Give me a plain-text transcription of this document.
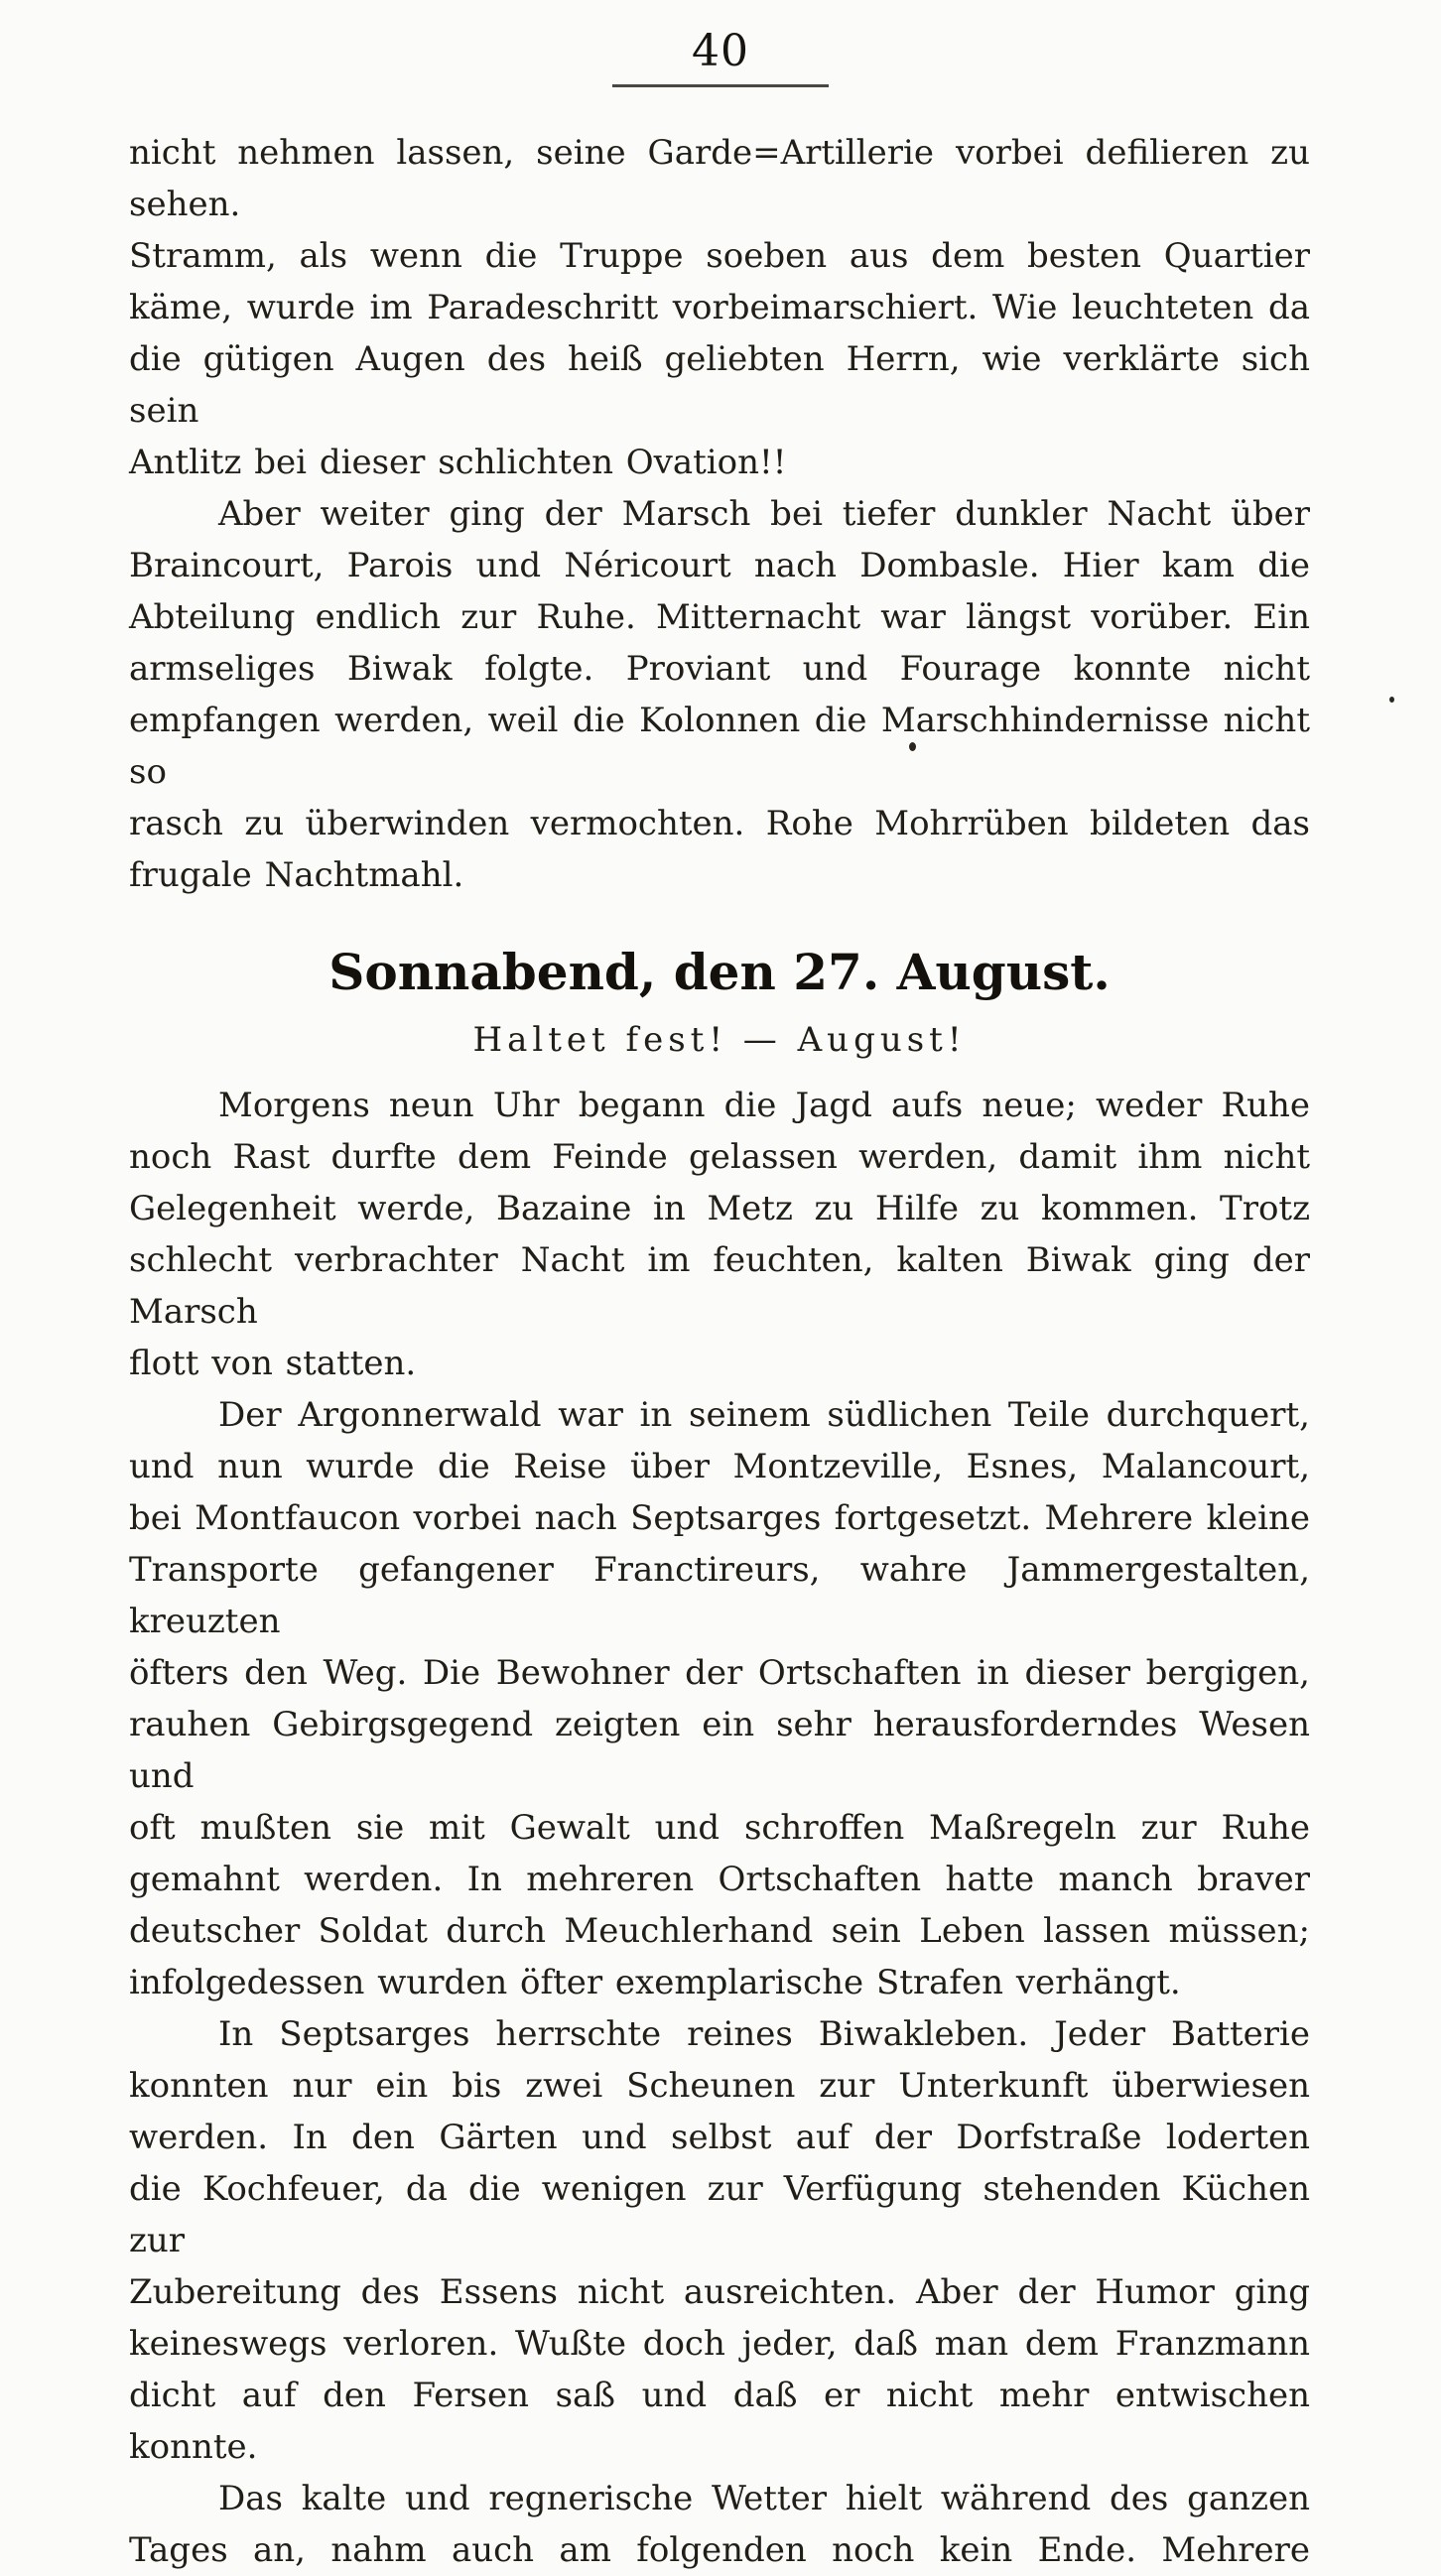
40
nicht nehmen lassen, seine Garde=Artillerie vorbei defilieren zu sehen.
Stramm, als wenn die Truppe soeben aus dem besten Quartier
käme, wurde im Paradeschritt vorbeimarschiert. Wie leuchteten da
die gütigen Augen des heiß geliebten Herrn, wie verklärte sich sein
Antlitz bei dieser schlichten Ovation!!
Aber weiter ging der Marsch bei tiefer dunkler Nacht über
Braincourt, Parois und Néricourt nach Dombasle. Hier kam die
Abteilung endlich zur Ruhe. Mitternacht war längst vorüber. Ein
armseliges Biwak folgte. Proviant und Fourage konnte nicht
empfangen werden, weil die Kolonnen die Marschhindernisse nicht so
rasch zu überwinden vermochten. Rohe Mohrrüben bildeten das
frugale Nachtmahl.
Sonnabend, den 27. August.
Haltet fest! — August!
Morgens neun Uhr begann die Jagd aufs neue; weder Ruhe
noch Rast durfte dem Feinde gelassen werden, damit ihm nicht
Gelegenheit werde, Bazaine in Metz zu Hilfe zu kommen. Trotz
schlecht verbrachter Nacht im feuchten, kalten Biwak ging der Marsch
flott von statten.
Der Argonnerwald war in seinem südlichen Teile durchquert,
und nun wurde die Reise über Montzeville, Esnes, Malancourt,
bei Montfaucon vorbei nach Septsarges fortgesetzt. Mehrere kleine
Transporte gefangener Franctireurs, wahre Jammergestalten, kreuzten
öfters den Weg. Die Bewohner der Ortschaften in dieser bergigen,
rauhen Gebirgsgegend zeigten ein sehr herausforderndes Wesen und
oft mußten sie mit Gewalt und schroffen Maßregeln zur Ruhe
gemahnt werden. In mehreren Ortschaften hatte manch braver
deutscher Soldat durch Meuchlerhand sein Leben lassen müssen;
infolgedessen wurden öfter exemplarische Strafen verhängt.
In Septsarges herrschte reines Biwakleben. Jeder Batterie
konnten nur ein bis zwei Scheunen zur Unterkunft überwiesen
werden. In den Gärten und selbst auf der Dorfstraße loderten
die Kochfeuer, da die wenigen zur Verfügung stehenden Küchen zur
Zubereitung des Essens nicht ausreichten. Aber der Humor ging
keineswegs verloren. Wußte doch jeder, daß man dem Franzmann
dicht auf den Fersen saß und daß er nicht mehr entwischen konnte.
Das kalte und regnerische Wetter hielt während des ganzen
Tages an, nahm auch am folgenden noch kein Ende. Mehrere
